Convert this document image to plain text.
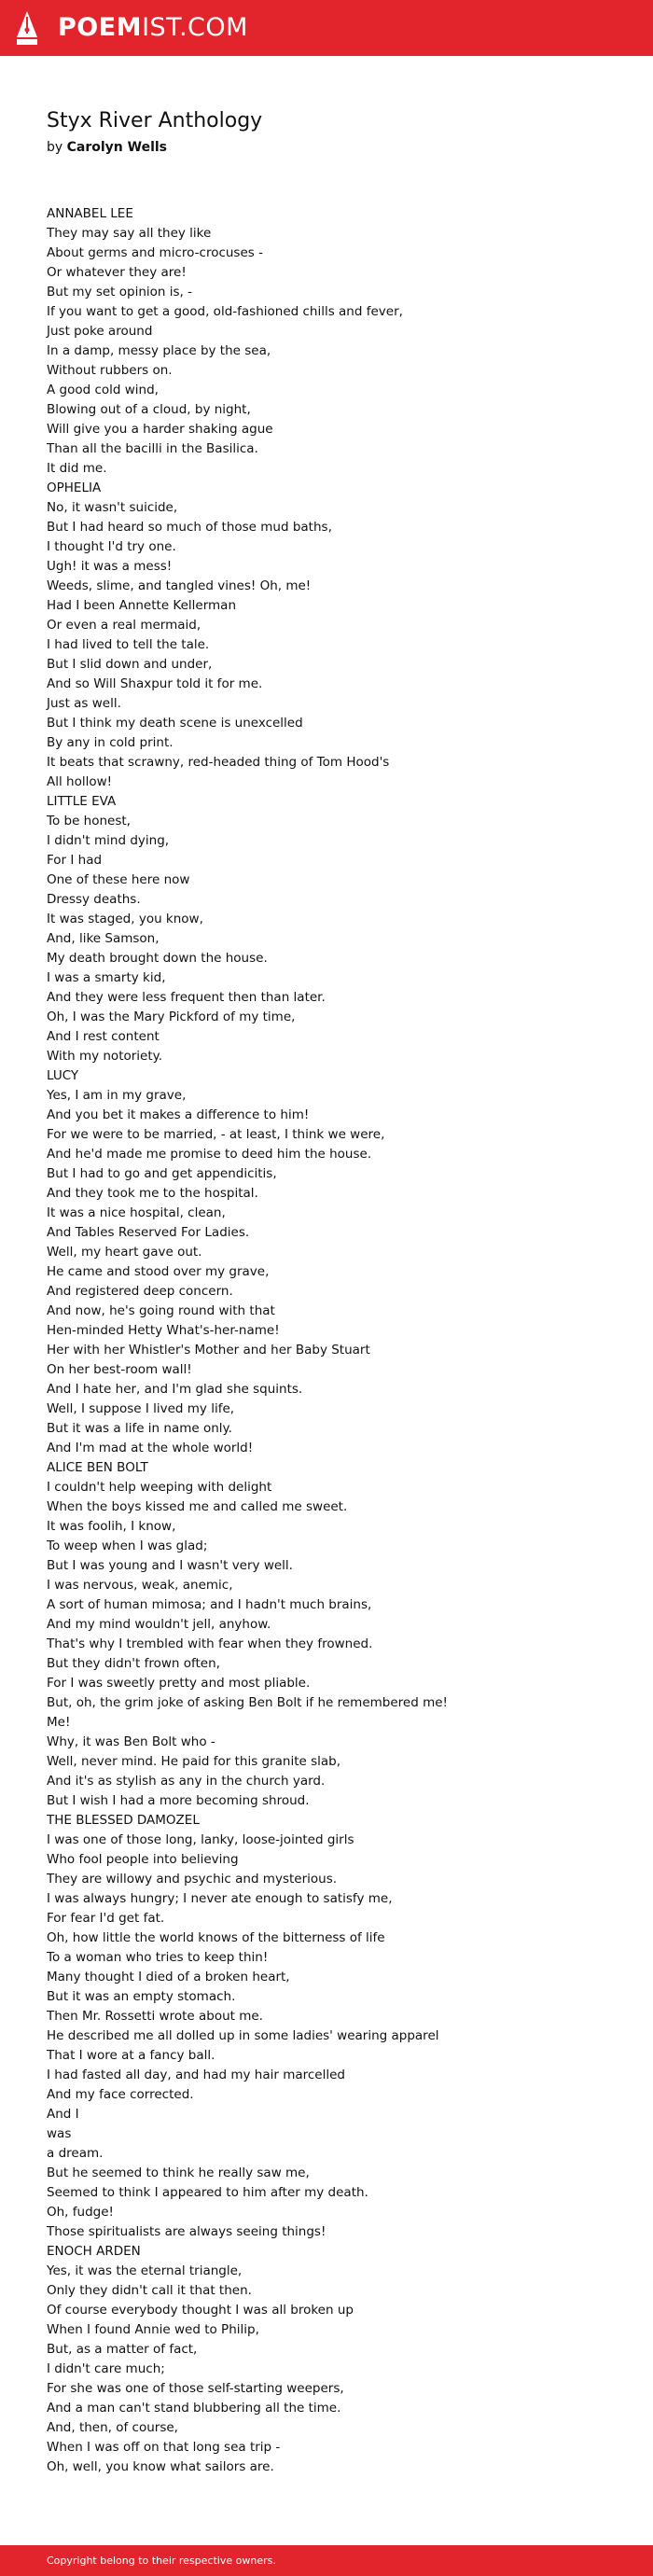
POEMIST.COM
Styx River Anthology
by Carolyn Wells
ANNABEL LEE
They may say all they like
About germs and micro-crocuses -
Or whatever they are!
But my set opinion is, -
If you want to get a good, old-fashioned chills and fever,
Just poke around
In a damp, messy place by the sea,
Without rubbers on.
A good cold wind,
Blowing out of a cloud, by night,
Will give you a harder shaking ague
Than all the bacilli in the Basilica.
It did me.
OPHELIA
No, it wasn't suicide,
But I had heard so much of those mud baths,
I thought I'd try one.
Ugh! it was a mess!
Weeds, slime, and tangled vines! Oh, me!
Had I been Annette Kellerman
Or even a real mermaid,
I had lived to tell the tale.
But I slid down and under,
And so Will Shaxpur told it for me.
Just as well.
But I think my death scene is unexcelled
By any in cold print.
It beats that scrawny, red-headed thing of Tom Hood's
All hollow!
LITTLE EVA
To be honest,
I didn't mind dying,
For I had
One of these here now
Dressy deaths.
It was staged, you know,
And, like Samson,
My death brought down the house.
I was a smarty kid,
And they were less frequent then than later.
Oh, I was the Mary Pickford of my time,
And I rest content
With my notoriety.
LUCY
Yes, I am in my grave,
And you bet it makes a difference to him!
For we were to be married, - at least, I think we were,
And he'd made me promise to deed him the house.
But I had to go and get appendicitis,
And they took me to the hospital.
It was a nice hospital, clean,
And Tables Reserved For Ladies.
Well, my heart gave out.
He came and stood over my grave,
And registered deep concern.
And now, he's going round with that
Hen-minded Hetty What's-her-name!
Her with her Whistler's Mother and her Baby Stuart
On her best-room wall!
And I hate her, and I'm glad she squints.
Well, I suppose I lived my life,
But it was a life in name only.
And I'm mad at the whole world!
ALICE BEN BOLT
I couldn't help weeping with delight
When the boys kissed me and called me sweet.
It was foolih, I know,
To weep when I was glad;
But I was young and I wasn't very well.
I was nervous, weak, anemic,
A sort of human mimosa; and I hadn't much brains,
And my mind wouldn't jell, anyhow.
That's why I trembled with fear when they frowned.
But they didn't frown often,
For I was sweetly pretty and most pliable.
But, oh, the grim joke of asking Ben Bolt if he remembered me!
Me!
Why, it was Ben Bolt who -
Well, never mind. He paid for this granite slab,
And it's as stylish as any in the church yard.
But I wish I had a more becoming shroud.
THE BLESSED DAMOZEL
I was one of those long, lanky, loose-jointed girls
Who fool people into believing
They are willowy and psychic and mysterious.
I was always hungry; I never ate enough to satisfy me,
For fear I'd get fat.
Oh, how little the world knows of the bitterness of life
To a woman who tries to keep thin!
Many thought I died of a broken heart,
But it was an empty stomach.
Then Mr. Rossetti wrote about me.
He described me all dolled up in some ladies' wearing apparel
That I wore at a fancy ball.
I had fasted all day, and had my hair marcelled
And my face corrected.
And I
was
a dream.
But he seemed to think he really saw me,
Seemed to think I appeared to him after my death.
Oh, fudge!
Those spiritualists are always seeing things!
ENOCH ARDEN
Yes, it was the eternal triangle,
Only they didn't call it that then.
Of course everybody thought I was all broken up
When I found Annie wed to Philip,
But, as a matter of fact,
I didn't care much;
For she was one of those self-starting weepers,
And a man can't stand blubbering all the time.
And, then, of course,
When I was off on that long sea trip -
Oh, well, you know what sailors are.
Copyright belong to their respective owners.
